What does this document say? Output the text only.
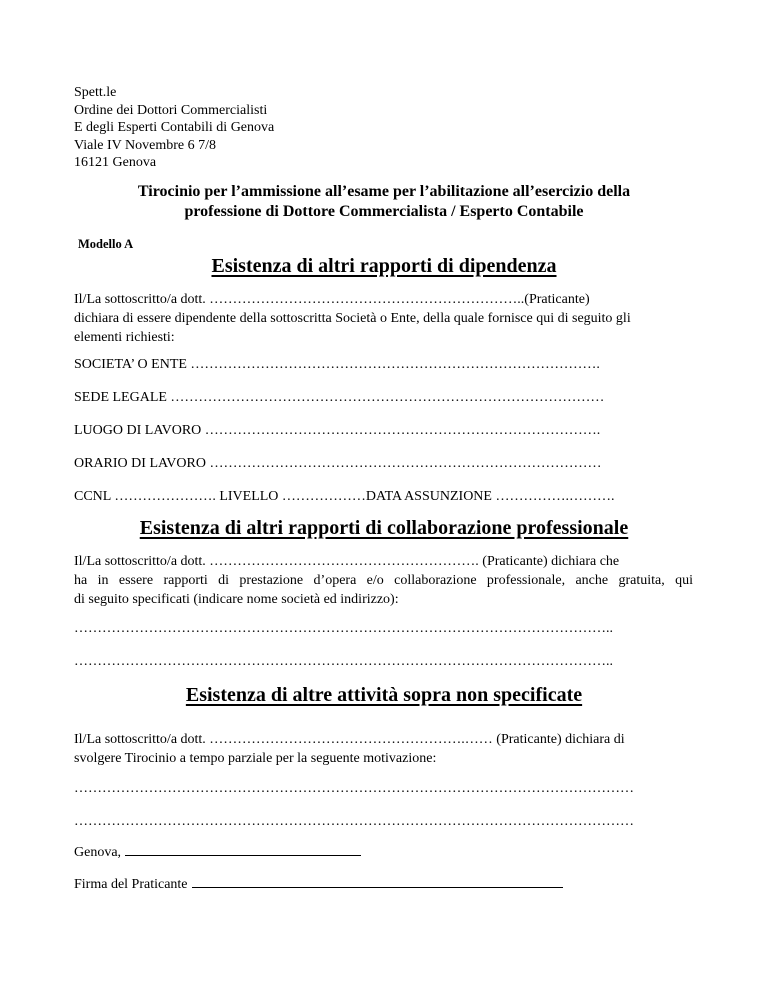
Spett.le
Ordine dei Dottori Commercialisti
E degli Esperti Contabili di Genova
Viale IV Novembre 6 7/8
16121 Genova
Tirocinio per l’ammissione all’esame per l’abilitazione all’esercizio della
professione di Dottore Commercialista / Esperto Contabile
Modello A
Esistenza di altri rapporti di dipendenza
Il/La sottoscritto/a dott. …………………………………………………………..(Praticante)
dichiara di essere dipendente della sottoscritta Società o Ente, della quale fornisce qui di seguito gli
elementi richiesti:
SOCIETA’ O ENTE …………………………………………………………………………….
SEDE LEGALE …………………………………………………………………………………
LUOGO DI LAVORO ………………………………………………………………………….
ORARIO DI LAVORO …………………………………………………………………………
CCNL …………………. LIVELLO ………………DATA ASSUNZIONE …………….……….
Esistenza di altri rapporti di collaborazione professionale
Il/La sottoscritto/a dott. …………………………………………………. (Praticante) dichiara che
ha in essere rapporti di prestazione d’opera e/o collaborazione professionale, anche gratuita, qui
di seguito specificati (indicare nome società ed indirizzo):
……………………………………………………………………………………………………..
……………………………………………………………………………………………………..
Esistenza di altre attività sopra non specificate
Il/La sottoscritto/a dott. ……………………………………………….…… (Praticante) dichiara di
svolgere Tirocinio a tempo parziale per la seguente motivazione:
…………………………………………………………………………………………………………
…………………………………………………………………………………………………………
Genova,
Firma del Praticante
